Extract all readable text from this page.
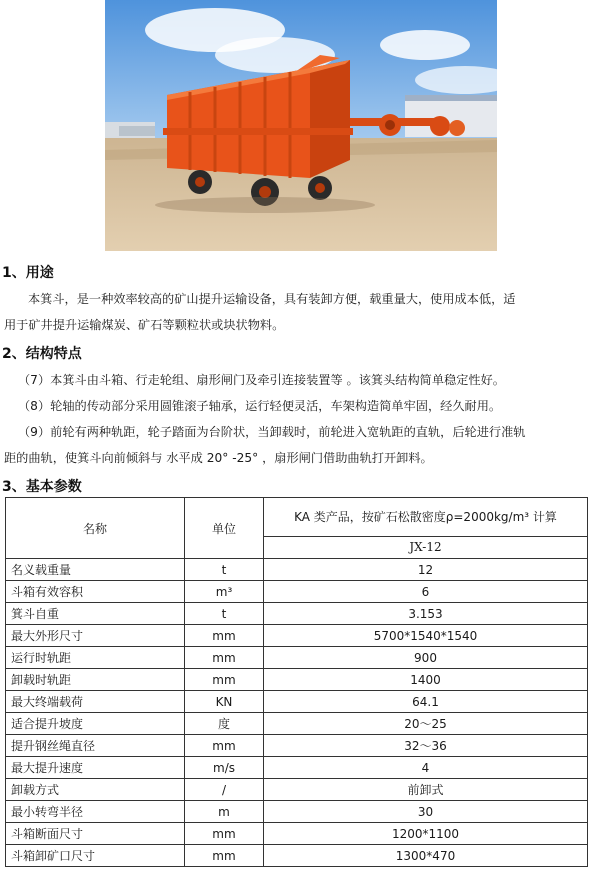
1、用途
本箕斗，是一种效率较高的矿山提升运输设备，具有装卸方便，载重量大，使用成本低，适
用于矿井提升运输煤炭、矿石等颗粒状或块状物料。
2、结构特点
（7）本箕斗由斗箱、行走轮组、扇形闸门及牵引连接装置等 。该箕头结构简单稳定性好。
（8）轮轴的传动部分采用圆锥滚子轴承，运行轻便灵活，车架构造简单牢固，经久耐用。
（9）前轮有两种轨距，轮子踏面为台阶状，当卸载时，前轮进入宽轨距的直轨，后轮进行准轨
距的曲轨，使箕斗向前倾斜与 水平成 20° -25° ，扇形闸门借助曲轨打开卸料。
3、基本参数
名称	单位	KA 类产品，按矿石松散密度ρ=2000kg/m³ 计算
		JX-12
名义载重量	t	12
斗箱有效容积	m³	6
箕斗自重	t	3.153
最大外形尺寸	mm	5700*1540*1540
运行时轨距	mm	900
卸载时轨距	mm	1400
最大终端载荷	KN	64.1
适合提升坡度	度	20～25
提升钢丝绳直径	mm	32～36
最大提升速度	m/s	4
卸载方式	/	前卸式
最小转弯半径	m	30
斗箱断面尺寸	mm	1200*1100
斗箱卸矿口尺寸	mm	1300*470
